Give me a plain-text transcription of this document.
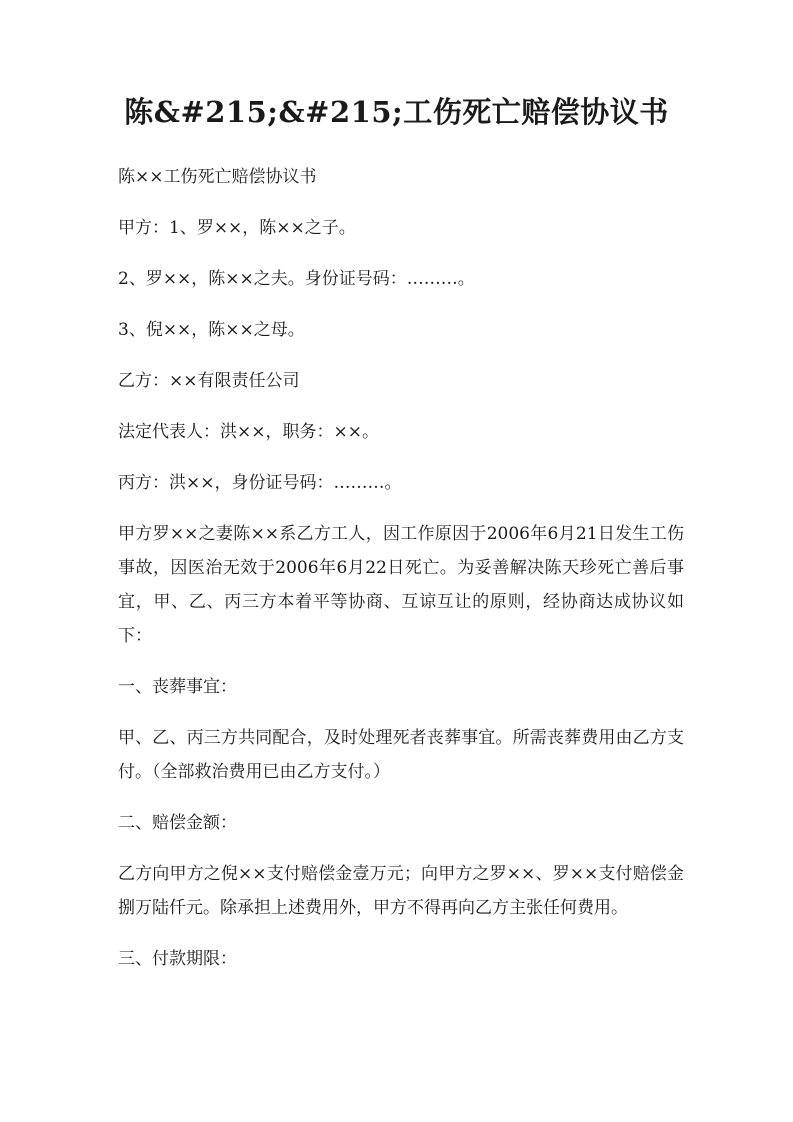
陈&#215;&#215;工伤死亡赔偿协议书

陈××工伤死亡赔偿协议书

甲方：1、罗××，陈××之子。

2、罗××，陈××之夫。身份证号码：………。

3、倪××，陈××之母。

乙方：××有限责任公司

法定代表人：洪××，职务：××。

丙方：洪××，身份证号码：………。

甲方罗××之妻陈××系乙方工人，因工作原因于2006年6月21日发生工伤事故，因医治无效于2006年6月22日死亡。为妥善解决陈天珍死亡善后事宜，甲、乙、丙三方本着平等协商、互谅互让的原则，经协商达成协议如下：

一、丧葬事宜：

甲、乙、丙三方共同配合，及时处理死者丧葬事宜。所需丧葬费用由乙方支付。（全部救治费用已由乙方支付。）

二、赔偿金额：

乙方向甲方之倪××支付赔偿金壹万元；向甲方之罗××、罗××支付赔偿金捌万陆仟元。除承担上述费用外，甲方不得再向乙方主张任何费用。

三、付款期限：
